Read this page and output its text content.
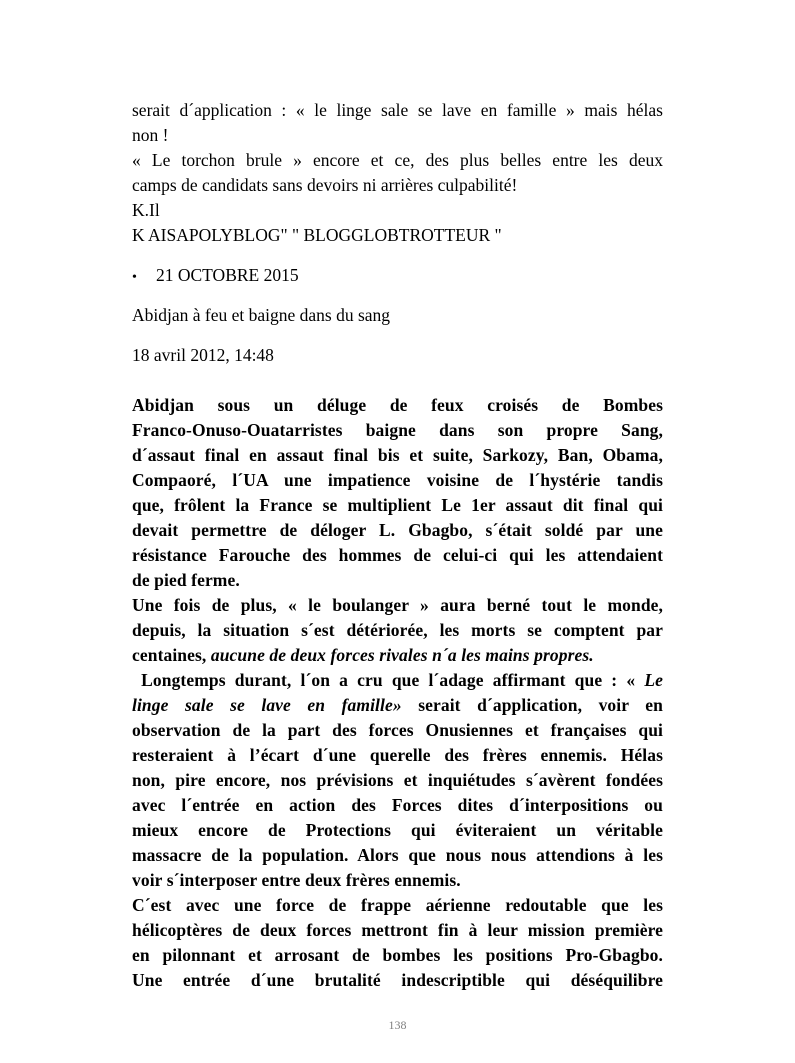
serait d´application : « le linge sale se lave en famille » mais hélas
non !
« Le torchon brule » encore et ce, des plus belles entre les deux
camps de candidats sans devoirs ni arrières culpabilité!
K.Il
K AISAPOLYBLOG" " BLOGGLOBTROTTEUR "
• 21 OCTOBRE 2015
Abidjan à feu et baigne dans du sang
18 avril 2012, 14:48
Abidjan sous un déluge de feux croisés de Bombes
Franco-Onuso-Ouatarristes baigne dans son propre Sang,
d´assaut final en assaut final bis et suite, Sarkozy, Ban, Obama,
Compaoré, l´UA une impatience voisine de l´hystérie tandis
que, frôlent la France se multiplient Le 1er assaut dit final qui
devait permettre de déloger L. Gbagbo, s´était soldé par une
résistance Farouche des hommes de celui-ci qui les attendaient
de pied ferme.
Une fois de plus, « le boulanger » aura berné tout le monde,
depuis, la situation s´est détériorée, les morts se comptent par
centaines, aucune de deux forces rivales n´a les mains propres.
Longtemps durant, l´on a cru que l´adage affirmant que : « Le
linge sale se lave en famille» serait d´application, voir en
observation de la part des forces Onusiennes et françaises qui
resteraient à l’écart d´une querelle des frères ennemis. Hélas
non, pire encore, nos prévisions et inquiétudes s´avèrent fondées
avec l´entrée en action des Forces dites d´interpositions ou
mieux encore de Protections qui éviteraient un véritable
massacre de la population. Alors que nous nous attendions à les
voir s´interposer entre deux frères ennemis.
C´est avec une force de frappe aérienne redoutable que les
hélicoptères de deux forces mettront fin à leur mission première
en pilonnant et arrosant de bombes les positions Pro-Gbagbo.
Une entrée d´une brutalité indescriptible qui déséquilibre
138
